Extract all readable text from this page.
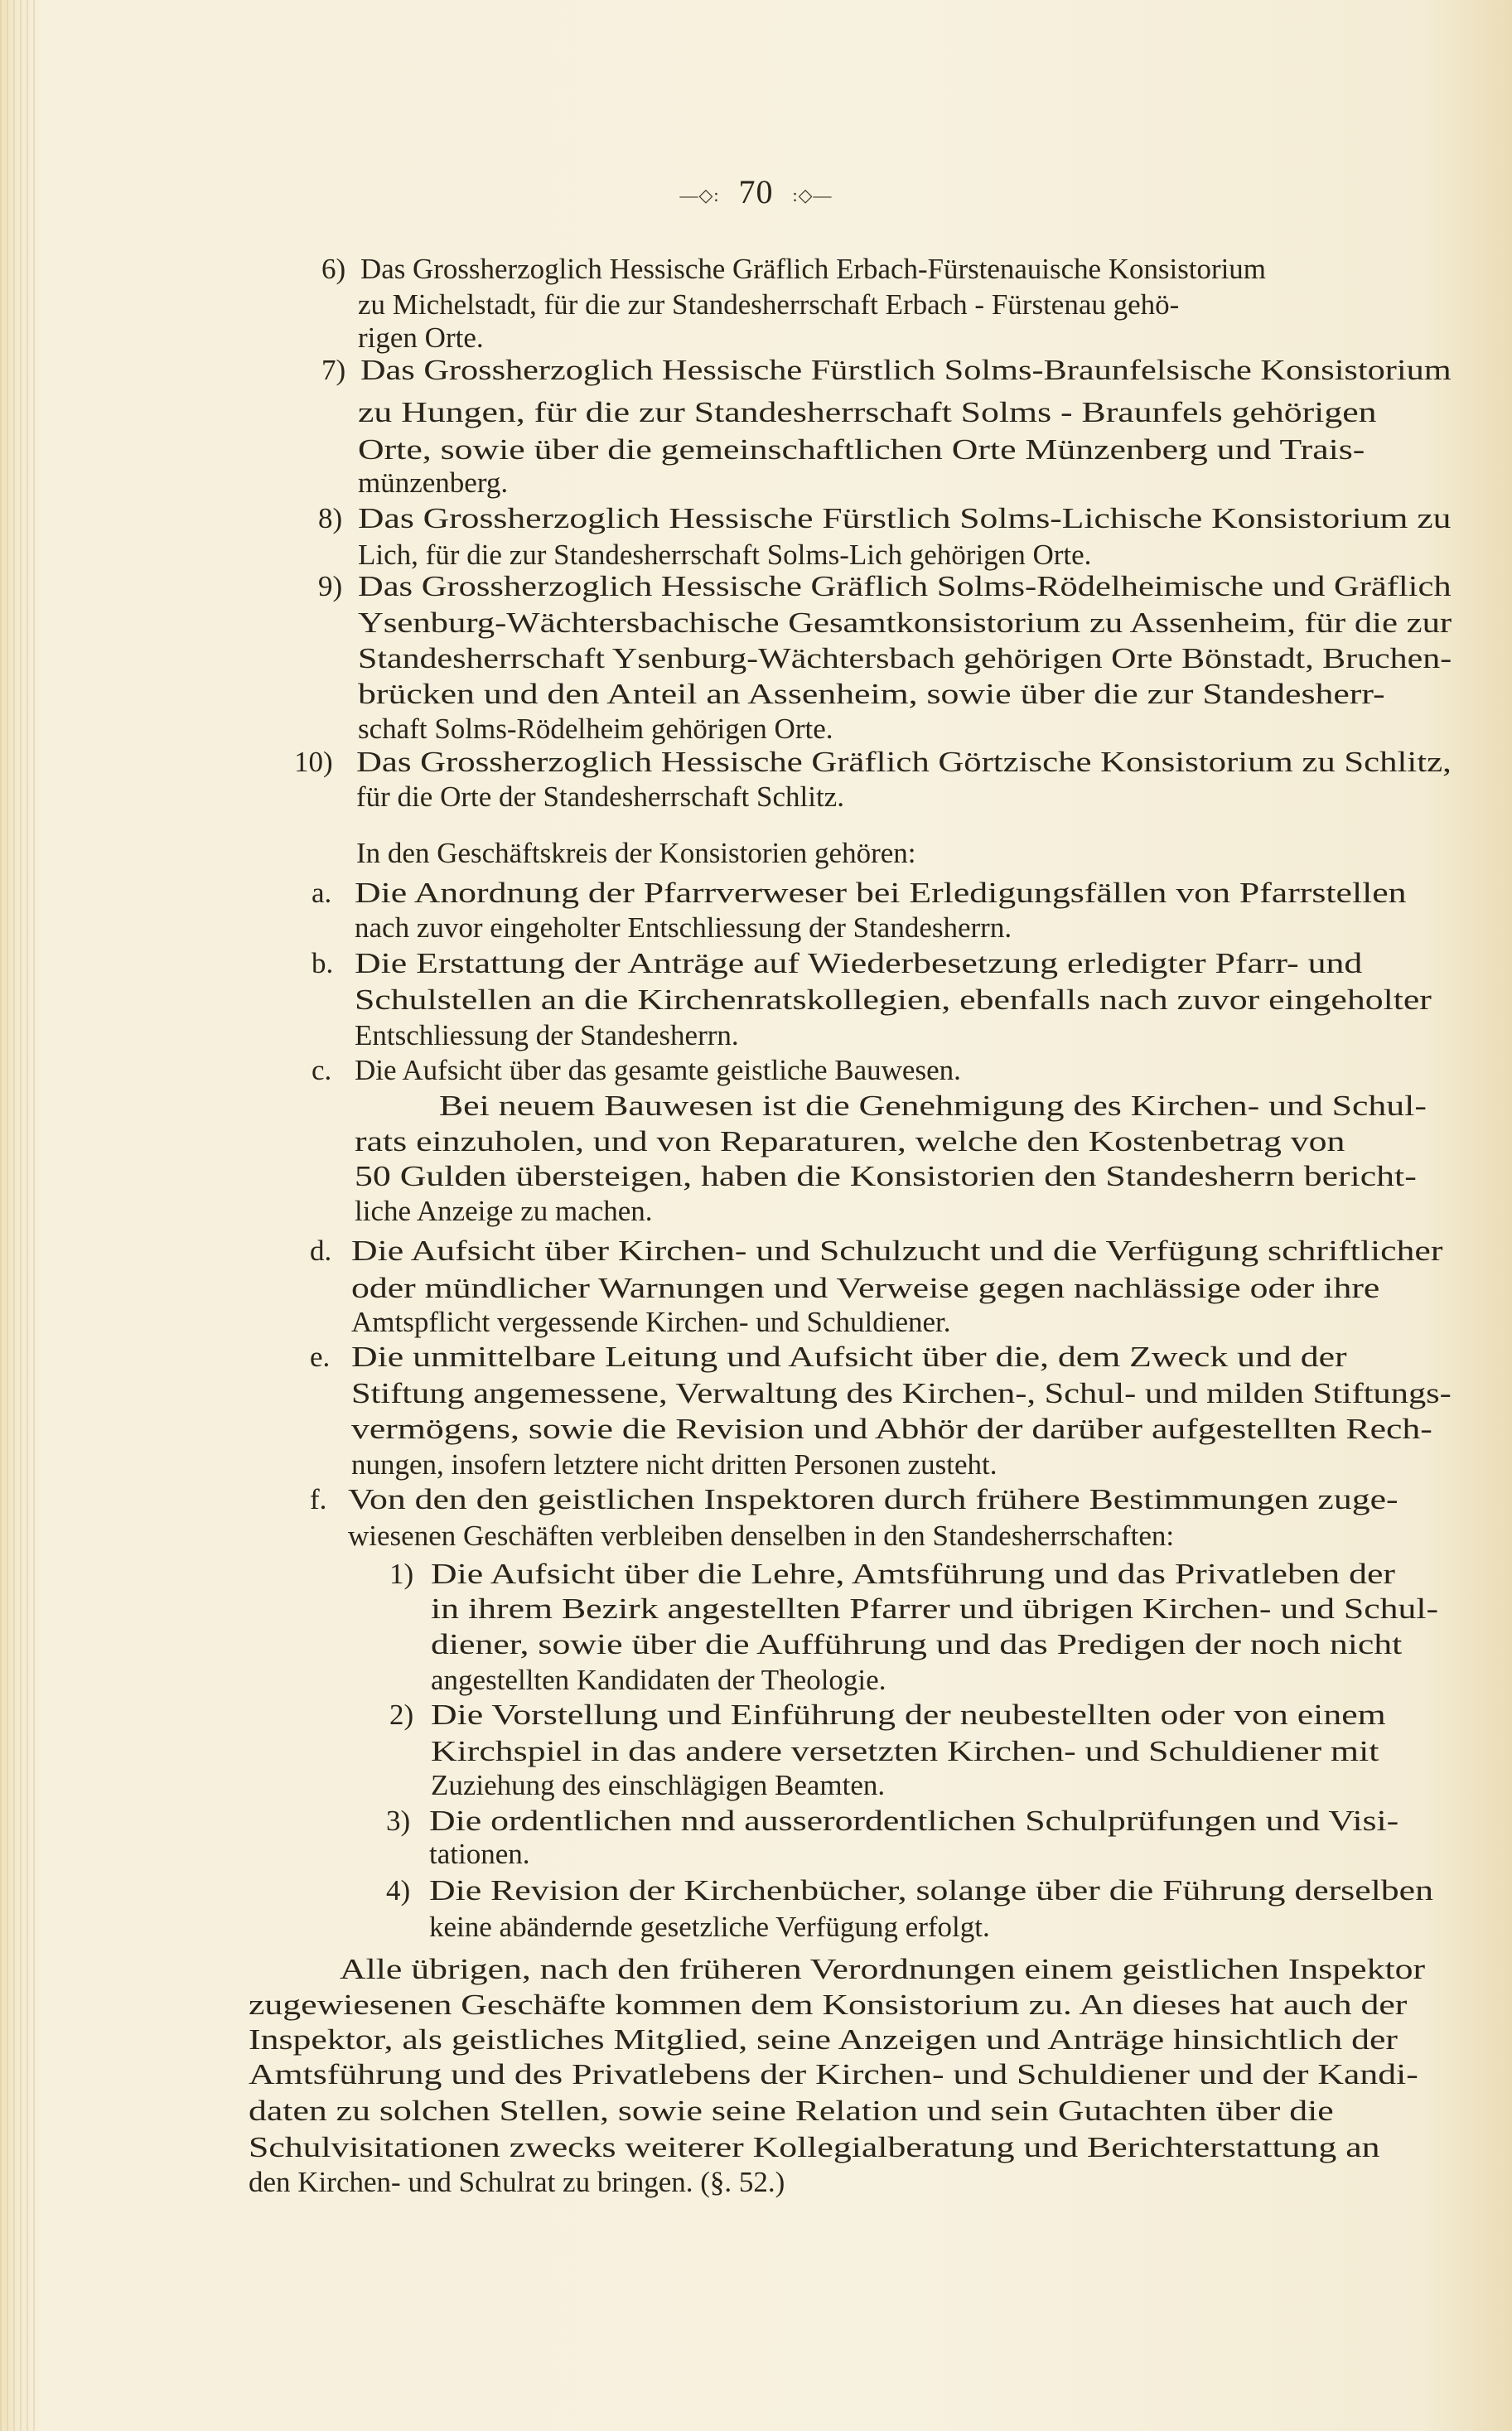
—◇: 70 :◇—
6) Das Grossherzoglich Hessische Gräflich Erbach-Fürstenauische Konsistorium
zu Michelstadt, für die zur Standesherrschaft Erbach - Fürstenau gehö-
rigen Orte.
7) Das Grossherzoglich Hessische Fürstlich Solms-Braunfelsische Konsistorium
zu Hungen, für die zur Standesherrschaft Solms - Braunfels gehörigen
Orte, sowie über die gemeinschaftlichen Orte Münzenberg und Trais-
münzenberg.
8) Das Grossherzoglich Hessische Fürstlich Solms-Lichische Konsistorium zu
Lich, für die zur Standesherrschaft Solms-Lich gehörigen Orte.
9) Das Grossherzoglich Hessische Gräflich Solms-Rödelheimische und Gräflich
Ysenburg-Wächtersbachische Gesamtkonsistorium zu Assenheim, für die zur
Standesherrschaft Ysenburg-Wächtersbach gehörigen Orte Bönstadt, Bruchen-
brücken und den Anteil an Assenheim, sowie über die zur Standesherr-
schaft Solms-Rödelheim gehörigen Orte.
10) Das Grossherzoglich Hessische Gräflich Görtzische Konsistorium zu Schlitz,
für die Orte der Standesherrschaft Schlitz.
In den Geschäftskreis der Konsistorien gehören:
a. Die Anordnung der Pfarrverweser bei Erledigungsfällen von Pfarrstellen
nach zuvor eingeholter Entschliessung der Standesherrn.
b. Die Erstattung der Anträge auf Wiederbesetzung erledigter Pfarr- und
Schulstellen an die Kirchenratskollegien, ebenfalls nach zuvor eingeholter
Entschliessung der Standesherrn.
c. Die Aufsicht über das gesamte geistliche Bauwesen.
Bei neuem Bauwesen ist die Genehmigung des Kirchen- und Schul-
rats einzuholen, und von Reparaturen, welche den Kostenbetrag von
50 Gulden übersteigen, haben die Konsistorien den Standesherrn bericht-
liche Anzeige zu machen.
d. Die Aufsicht über Kirchen- und Schulzucht und die Verfügung schriftlicher
oder mündlicher Warnungen und Verweise gegen nachlässige oder ihre
Amtspflicht vergessende Kirchen- und Schuldiener.
e. Die unmittelbare Leitung und Aufsicht über die, dem Zweck und der
Stiftung angemessene, Verwaltung des Kirchen-, Schul- und milden Stiftungs-
vermögens, sowie die Revision und Abhör der darüber aufgestellten Rech-
nungen, insofern letztere nicht dritten Personen zusteht.
f. Von den den geistlichen Inspektoren durch frühere Bestimmungen zuge-
wiesenen Geschäften verbleiben denselben in den Standesherrschaften:
1) Die Aufsicht über die Lehre, Amtsführung und das Privatleben der
in ihrem Bezirk angestellten Pfarrer und übrigen Kirchen- und Schul-
diener, sowie über die Aufführung und das Predigen der noch nicht
angestellten Kandidaten der Theologie.
2) Die Vorstellung und Einführung der neubestellten oder von einem
Kirchspiel in das andere versetzten Kirchen- und Schuldiener mit
Zuziehung des einschlägigen Beamten.
3) Die ordentlichen nnd ausserordentlichen Schulprüfungen und Visi-
tationen.
4) Die Revision der Kirchenbücher, solange über die Führung derselben
keine abändernde gesetzliche Verfügung erfolgt.
Alle übrigen, nach den früheren Verordnungen einem geistlichen Inspektor
zugewiesenen Geschäfte kommen dem Konsistorium zu. An dieses hat auch der
Inspektor, als geistliches Mitglied, seine Anzeigen und Anträge hinsichtlich der
Amtsführung und des Privatlebens der Kirchen- und Schuldiener und der Kandi-
daten zu solchen Stellen, sowie seine Relation und sein Gutachten über die
Schulvisitationen zwecks weiterer Kollegialberatung und Berichterstattung an
den Kirchen- und Schulrat zu bringen. (§. 52.)
